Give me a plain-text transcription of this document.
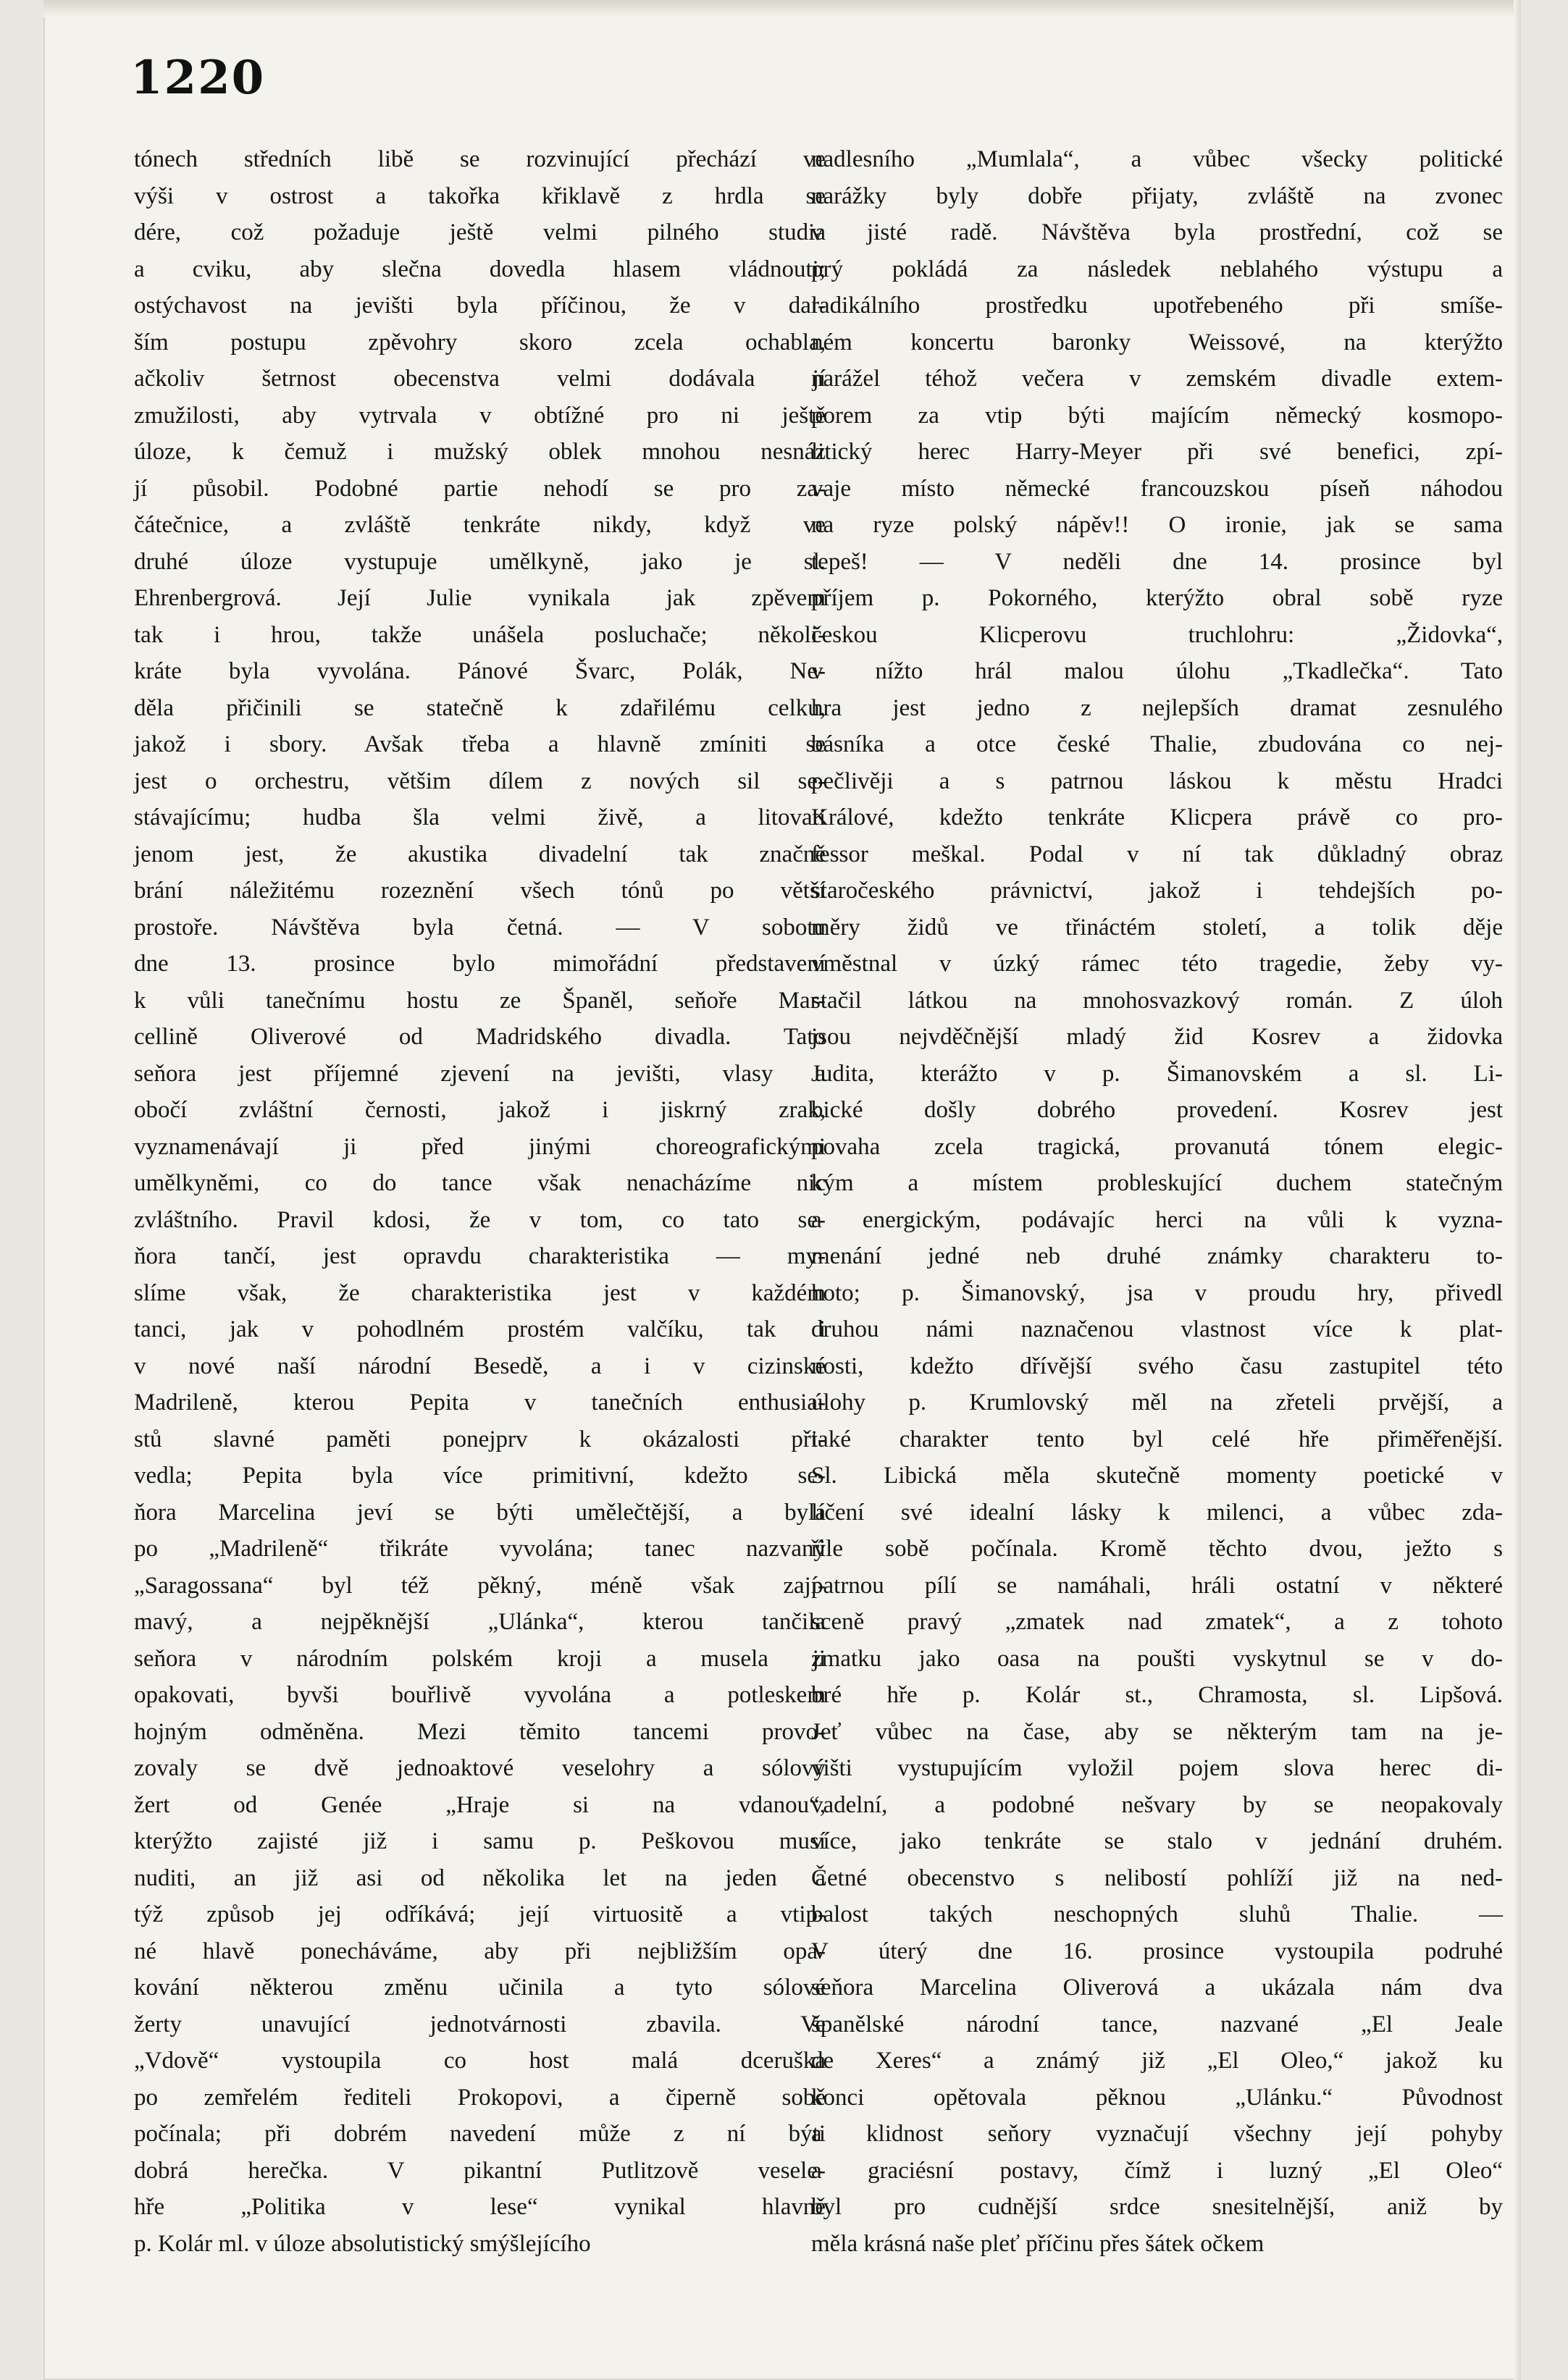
1220
tónech středních libě se rozvinující přechází ve
výši v ostrost a takořka křiklavě z hrdla se
dére, což požaduje ještě velmi pilného studia
a cviku, aby slečna dovedla hlasem vládnouti;
ostýchavost na jevišti byla příčinou, že v dal-
ším postupu zpěvohry skoro zcela ochabla,
ačkoliv šetrnost obecenstva velmi dodávala jí
zmužilosti, aby vytrvala v obtížné pro ni ještě
úloze, k čemuž i mužský oblek mnohou nesnáz
jí působil. Podobné partie nehodí se pro za-
čátečnice, a zvláště tenkráte nikdy, když ve
druhé úloze vystupuje umělkyně, jako je sl.
Ehrenbergrová. Její Julie vynikala jak zpěvem
tak i hrou, takže unášela posluchače; několi-
kráte byla vyvolána. Pánové Švarc, Polák, Ne-
děla přičinili se statečně k zdařilému celku,
jakož i sbory. Avšak třeba a hlavně zmíniti se
jest o orchestru, většim dílem z nových sil se-
stávajícímu; hudba šla velmi živě, a litovati
jenom jest, že akustika divadelní tak značně
brání náležitému rozeznění všech tónů po větší
prostoře. Návštěva byla četná. — V sobotu
dne 13. prosince bylo mimořádní představení
k vůli tanečnímu hostu ze Španěl, seňoře Mar-
cellině Oliverové od Madridského divadla. Tato
seňora jest příjemné zjevení na jevišti, vlasy a
obočí zvláštní černosti, jakož i jiskrný zrak,
vyznamenávají ji před jinými choreografickými
umělkyněmi, co do tance však nenacházíme nic
zvláštního. Pravil kdosi, že v tom, co tato se-
ňora tančí, jest opravdu charakteristika — my-
slíme však, že charakteristika jest v každém
tanci, jak v pohodlném prostém valčíku, tak i
v nové naší národní Besedě, a i v cizinské
Madrileně, kterou Pepita v tanečních enthusia-
stů slavné paměti ponejprv k okázalosti při-
vedla; Pepita byla více primitivní, kdežto se-
ňora Marcelina jeví se býti umělečtější, a byla
po „Madrileně“ třikráte vyvolána; tanec nazvaný
„Saragossana“ byl též pěkný, méně však zají-
mavý, a nejpěknější „Ulánka“, kterou tančila
seňora v národním polském kroji a musela ji
opakovati, byvši bouřlivě vyvolána a potleskem
hojným odměněna. Mezi těmito tancemi provo-
zovaly se dvě jednoaktové veselohry a sólový
žert od Genée „Hraje si na vdanou“,
kterýžto zajisté již i samu p. Peškovou musí
nuditi, an již asi od několika let na jeden a
týž způsob jej odříkává; její virtuositě a vtip-
né hlavě ponecháváme, aby při nejbližším opa-
kování některou změnu učinila a tyto sólové
žerty unavující jednotvárnosti zbavila. Ve
„Vdově“ vystoupila co host malá dceruška
po zemřelém řediteli Prokopovi, a čiperně sobě
počínala; při dobrém navedení může z ní býti
dobrá herečka. V pikantní Putlitzově vesele-
hře „Politika v lese“ vynikal hlavně
p. Kolár ml. v úloze absolutistický smýšlejícího
nadlesního „Mumlala“, a vůbec všecky politické
narážky byly dobře přijaty, zvláště na zvonec
v jisté radě. Návštěva byla prostřední, což se
prý pokládá za následek neblahého výstupu a
radikálního prostředku upotřebeného při smíše-
ném koncertu baronky Weissové, na kterýžto
narážel téhož večera v zemském divadle extem-
porem za vtip býti majícím německý kosmopo-
litický herec Harry-Meyer při své benefici, zpí-
vaje místo německé francouzskou píseň náhodou
na ryze polský nápěv!! O ironie, jak se sama
tepeš! — V neděli dne 14. prosince byl
příjem p. Pokorného, kterýžto obral sobě ryze
českou Klicperovu truchlohru: „Židovka“,
v nížto hrál malou úlohu „Tkadlečka“. Tato
hra jest jedno z nejlepších dramat zesnulého
básníka a otce české Thalie, zbudována co nej-
pečlivěji a s patrnou láskou k městu Hradci
Králové, kdežto tenkráte Klicpera právě co pro-
fessor meškal. Podal v ní tak důkladný obraz
staročeského právnictví, jakož i tehdejších po-
měry židů ve třináctém století, a tolik děje
vměstnal v úzký rámec této tragedie, žeby vy-
stačil látkou na mnohosvazkový román. Z úloh
jsou nejvděčnější mladý žid Kosrev a židovka
Judita, kterážto v p. Šimanovském a sl. Li-
bické došly dobrého provedení. Kosrev jest
povaha zcela tragická, provanutá tónem elegic-
kým a místem probleskující duchem statečným
a energickým, podávajíc herci na vůli k vyzna-
menání jedné neb druhé známky charakteru to-
hoto; p. Šimanovský, jsa v proudu hry, přivedl
druhou námi naznačenou vlastnost více k plat-
nosti, kdežto dřívější svého času zastupitel této
úlohy p. Krumlovský měl na zřeteli prvější, a
také charakter tento byl celé hře přiměřenější.
Sl. Libická měla skutečně momenty poetické v
líčení své idealní lásky k milenci, a vůbec zda-
řile sobě počínala. Kromě těchto dvou, ježto s
patrnou pílí se namáhali, hráli ostatní v některé
sceně pravý „zmatek nad zmatek“, a z tohoto
zmatku jako oasa na poušti vyskytnul se v do-
bré hře p. Kolár st., Chramosta, sl. Lipšová.
Jeť vůbec na čase, aby se některým tam na je-
višti vystupujícím vyložil pojem slova herec di-
vadelní, a podobné nešvary by se neopakovaly
více, jako tenkráte se stalo v jednání druhém.
Četné obecenstvo s nelibostí pohlíží již na ned-
balost takých neschopných sluhů Thalie. —
V úterý dne 16. prosince vystoupila podruhé
seňora Marcelina Oliverová a ukázala nám dva
španělské národní tance, nazvané „El Jeale
de Xeres“ a známý již „El Oleo,“ jakož ku
konci opětovala pěknou „Ulánku.“ Původnost
a klidnost seňory vyznačují všechny její pohyby
a graciésní postavy, čímž i luzný „El Oleo“
byl pro cudnější srdce snesitelnější, aniž by
měla krásná naše pleť příčinu přes šátek očkem
